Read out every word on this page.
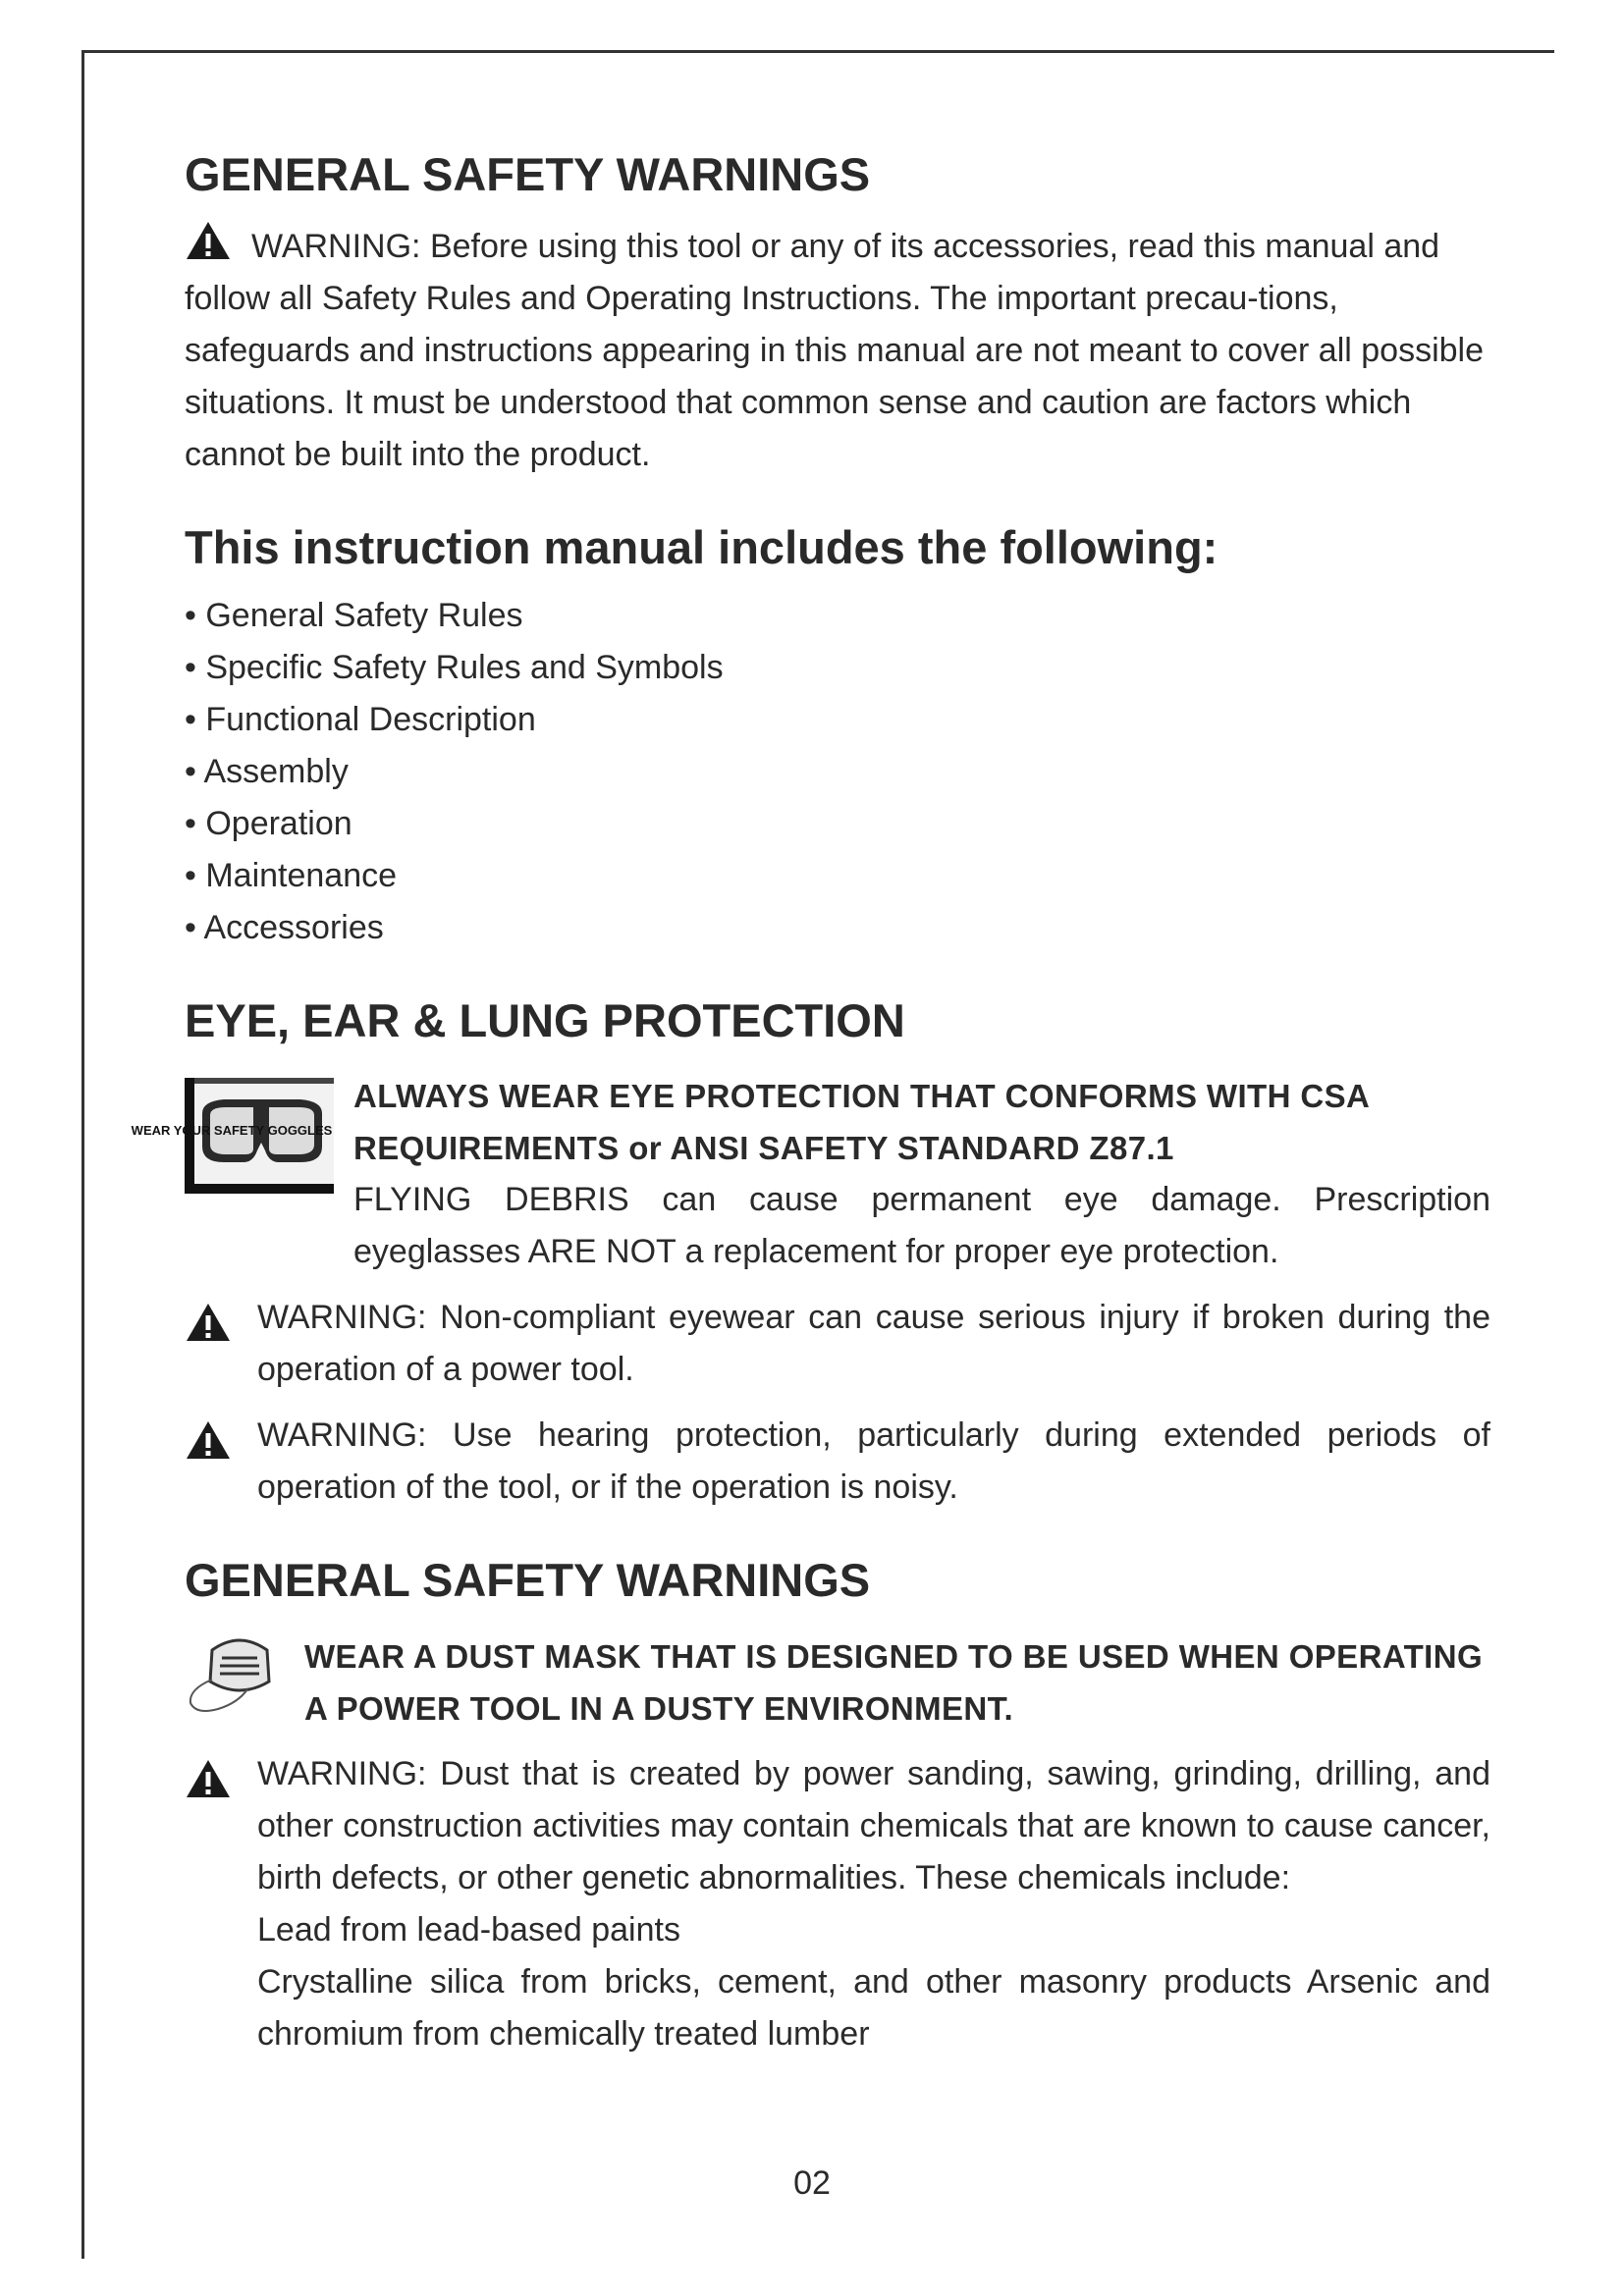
GENERAL SAFETY WARNINGS

WARNING: Before using this tool or any of its accessories, read this manual and follow all Safety Rules and Operating Instructions. The important precau-tions, safeguards and instructions appearing in this manual are not meant to cover all possible situations. It must be understood that common sense and caution are factors which cannot be built into the product.

This instruction manual includes the following:
• General Safety Rules
• Specific Safety Rules and Symbols
• Functional Description
• Assembly
• Operation
• Maintenance
• Accessories
EYE, EAR & LUNG PROTECTION
WEAR YOUR SAFETY GOGGLES

ALWAYS WEAR EYE PROTECTION THAT CONFORMS WITH CSA REQUIREMENTS or ANSI SAFETY STANDARD Z87.1

FLYING DEBRIS can cause permanent eye damage. Prescription eyeglasses ARE NOT a replacement for proper eye protection.

WARNING: Non-compliant eyewear can cause serious injury if broken during the operation of a power tool.

WARNING: Use hearing protection, particularly during extended periods of operation of the tool, or if the operation is noisy.

GENERAL SAFETY WARNINGS

WEAR A DUST MASK THAT IS DESIGNED TO BE USED WHEN OPERATING A POWER TOOL IN A DUSTY ENVIRONMENT.

WARNING: Dust that is created by power sanding, sawing, grinding, drilling, and other construction activities may contain chemicals that are known to cause cancer, birth defects, or other genetic abnormalities. These chemicals include:

Lead from lead-based paints

Crystalline silica from bricks, cement, and other masonry products Arsenic and chromium from chemically treated lumber

02
